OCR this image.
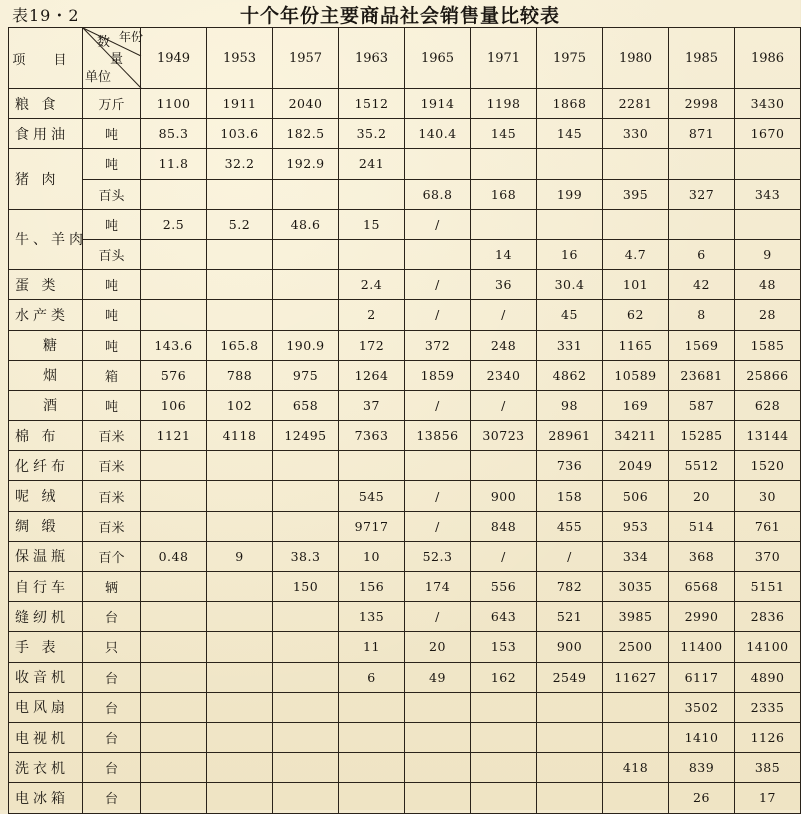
表19・2	十个年份主要商品社会销售量比较表
项 目	数
量
年份
单位	1949	1953	1957	1963	1965	1971	1975	1980	1985	1986
粮 食	万斤	1100	1911	2040	1512	1914	1198	1868	2281	2998	3430
食用油	吨	85.3	103.6	182.5	35.2	140.4	145	145	330	871	1670
猪 肉	吨	11.8	32.2	192.9	241						
	百头					68.8	168	199	395	327	343
牛、羊肉	吨	2.5	5.2	48.6	15	/					
	百头						14	16	4.7	6	9
蛋 类	吨				2.4	/	36	30.4	101	42	48
水产类	吨				2	/	/	45	62	8	28
糖	吨	143.6	165.8	190.9	172	372	248	331	1165	1569	1585
烟	箱	576	788	975	1264	1859	2340	4862	10589	23681	25866
酒	吨	106	102	658	37	/	/	98	169	587	628
棉 布	百米	1121	4118	12495	7363	13856	30723	28961	34211	15285	13144
化纤布	百米							736	2049	5512	1520
呢 绒	百米				545	/	900	158	506	20	30
绸 缎	百米				9717	/	848	455	953	514	761
保温瓶	百个	0.48	9	38.3	10	52.3	/	/	334	368	370
自行车	辆			150	156	174	556	782	3035	6568	5151
缝纫机	台				135	/	643	521	3985	2990	2836
手 表	只				11	20	153	900	2500	11400	14100
收音机	台				6	49	162	2549	11627	6117	4890
电风扇	台									3502	2335
电视机	台									1410	1126
洗衣机	台								418	839	385
电冰箱	台									26	17
